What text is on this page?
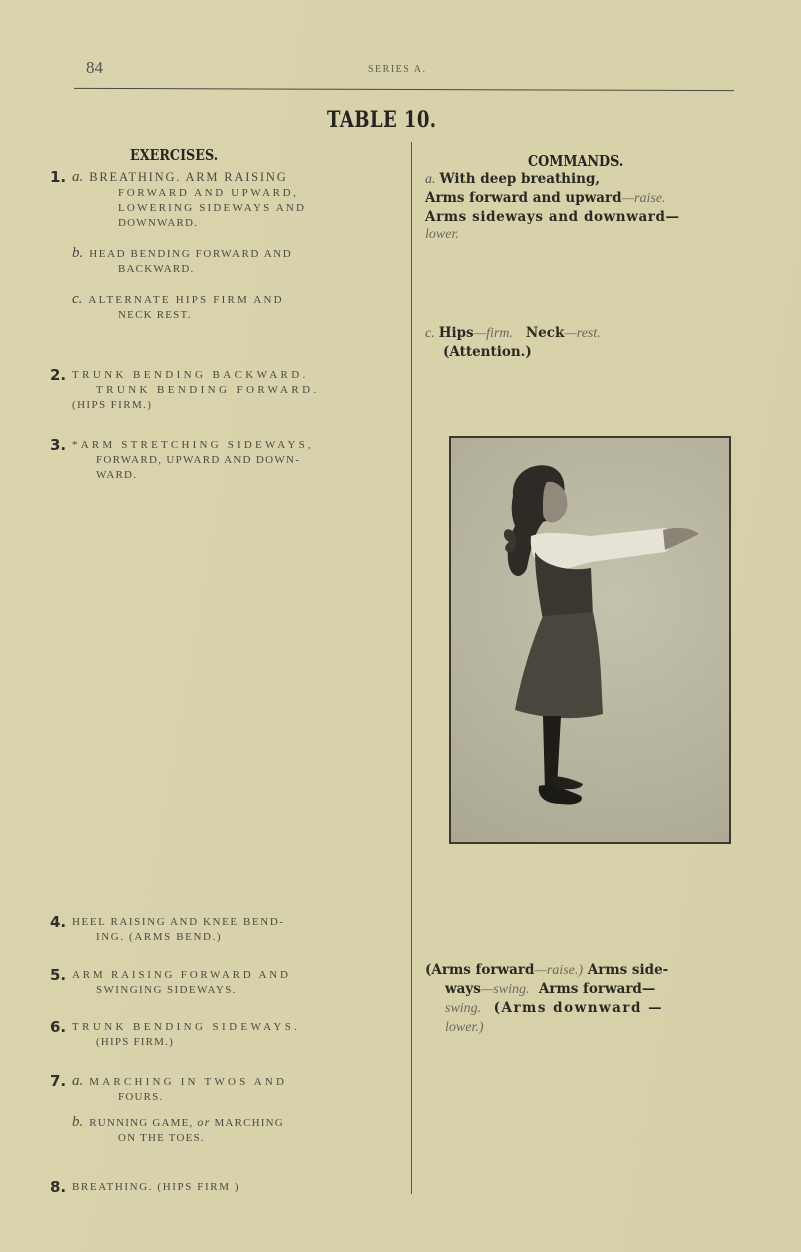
84	SERIES A.
TABLE 10.
EXERCISES.	COMMANDS.
1. a. BREATHING. ARM RAISING
FORWARD AND UPWARD,
LOWERING SIDEWAYS AND
DOWNWARD.
b. HEAD BENDING FORWARD AND
BACKWARD.
c. ALTERNATE HIPS FIRM AND
NECK REST.
2. TRUNK BENDING BACKWARD.
TRUNK BENDING FORWARD.
(HIPS FIRM.)
3. *ARM STRETCHING SIDEWAYS,
FORWARD, UPWARD AND DOWN-
WARD.
4. HEEL RAISING AND KNEE BEND-
ING. (ARMS BEND.)
5. ARM RAISING FORWARD AND
SWINGING SIDEWAYS.
6. TRUNK BENDING SIDEWAYS.
(HIPS FIRM.)
7. a. MARCHING IN TWOS AND
FOURS.
b. RUNNING GAME, or MARCHING
ON THE TOES.
8. BREATHING. (HIPS FIRM )
a. With deep breathing,
Arms forward and upward—raise.
Arms sideways and downward—
lower.
c. Hips—firm. Neck—rest.
(Attention.)
(Arms forward—raise.) Arms side-
ways—swing.  Arms forward—
swing.  (Arms downward —
lower.)
